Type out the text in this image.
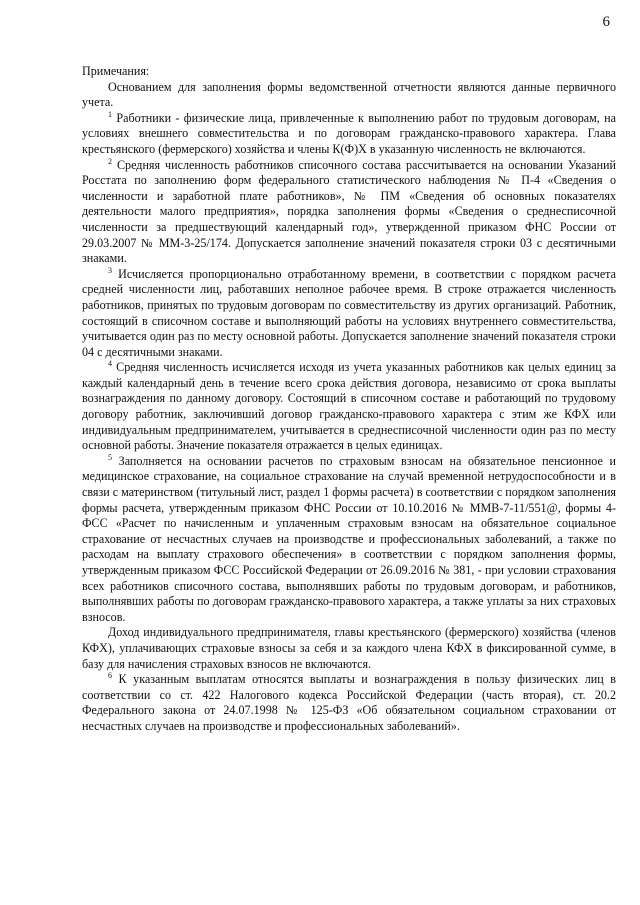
6

Примечания:

Основанием для заполнения формы ведомственной отчетности являются данные первичного учета.

$^1$ Работники - физические лица, привлеченные к выполнению работ по трудовым договорам, на условиях внешнего совместительства и по договорам гражданско-правового характера. Глава крестьянского (фермерского) хозяйства и члены К(Ф)Х в указанную численность не включаются.

$^2$ Средняя численность работников списочного состава рассчитывается на основании Указаний Росстата по заполнению форм федерального статистического наблюдения № П-4 «Сведения о численности и заработной плате работников», № ПМ «Сведения об основных показателях деятельности малого предприятия», порядка заполнения формы «Сведения о среднесписочной численности за предшествующий календарный год», утвержденной приказом ФНС России от 29.03.2007 № ММ-3-25/174. Допускается заполнение значений показателя строки 03 с десятичными знаками.

$^3$ Исчисляется пропорционально отработанному времени, в соответствии с порядком расчета средней численности лиц, работавших неполное рабочее время. В строке отражается численность работников, принятых по трудовым договорам по совместительству из других организаций. Работник, состоящий в списочном составе и выполняющий работы на условиях внутреннего совместительства, учитывается один раз по месту основной работы. Допускается заполнение значений показателя строки 04 с десятичными знаками.

$^4$ Средняя численность исчисляется исходя из учета указанных работников как целых единиц за каждый календарный день в течение всего срока действия договора, независимо от срока выплаты вознаграждения по данному договору. Состоящий в списочном составе и работающий по трудовому договору работник, заключивший договор гражданско-правового характера с этим же КФХ или индивидуальным предпринимателем, учитывается в среднесписочной численности один раз по месту основной работы. Значение показателя отражается в целых единицах.

$^5$ Заполняется на основании расчетов по страховым взносам на обязательное пенсионное и медицинское страхование, на социальное страхование на случай временной нетрудоспособности и в связи с материнством (титульный лист, раздел 1 формы расчета) в соответствии с порядком заполнения формы расчета, утвержденным приказом ФНС России от 10.10.2016 № ММВ-7-11/551@, формы 4-ФСС «Расчет по начисленным и уплаченным страховым взносам на обязательное социальное страхование от несчастных случаев на производстве и профессиональных заболеваний, а также по расходам на выплату страхового обеспечения» в соответствии с порядком заполнения формы, утвержденным приказом ФСС Российской Федерации от 26.09.2016 № 381, - при условии страхования всех работников списочного состава, выполнявших работы по трудовым договорам, и работников, выполнявших работы по договорам гражданско-правового характера, а также уплаты за них страховых взносов.

Доход индивидуального предпринимателя, главы крестьянского (фермерского) хозяйства (членов КФХ), уплачивающих страховые взносы за себя и за каждого члена КФХ в фиксированной сумме, в базу для начисления страховых взносов не включаются.

$^6$ К указанным выплатам относятся выплаты и вознаграждения в пользу физических лиц в соответствии со ст. 422 Налогового кодекса Российской Федерации (часть вторая), ст. 20.2 Федерального закона от 24.07.1998 № 125-ФЗ «Об обязательном социальном страховании от несчастных случаев на производстве и профессиональных заболеваний».
